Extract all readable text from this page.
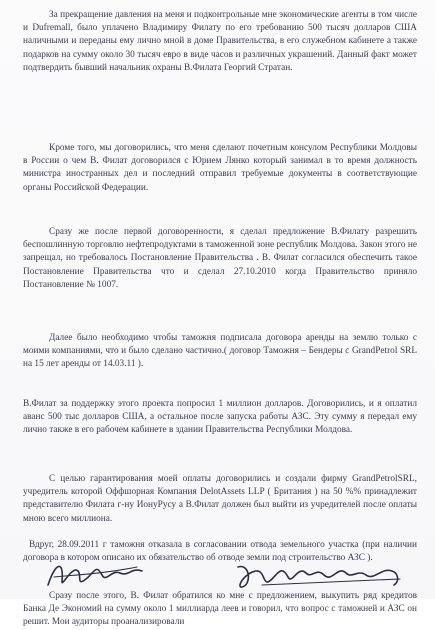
За прекращение давления на меня и подконтрольные мне экономические агенты в том числе и Dufremall, было уплачено Владимиру Филату по его требованию 500 тысяч долларов США наличными и переданы ему лично мной в доме Правительства, в его служебном кабинете а также подарков на сумму около 30 тысяч евро в виде часов и различных украшений. Данный факт может подтвердить бывший начальник охраны В.Филата Георгий Стратан.
Кроме того, мы договорились, что меня сделают почетным консулом Республики Молдовы в России о чем В. Филат договорился с Юрием Лянко который занимал в то время должность министра иностранных дел и последний отправил требуемые документы в соответствующие органы Российской Федерации.
Сразу же после первой договоренности, я сделал предложение В.Филату разрешить беспошлинную торговлю нефтепродуктами в таможенной зоне республик Молдова. Закон этого не запрещал, но требовалось Постановление Правительства . В. Филат согласился обеспечить такое Постановление Правительства что и сделал 27.10.2010 когда Правительство приняло Постановление № 1007.
Далее было необходимо чтобы таможня подписала договора аренды на землю только с моими компаниями, что и было сделано частично.( договор Таможня – Бендеры с GrandPetrol SRL на 15 лет аренды от 14.03.11 ).
В.Филат за поддержку этого проекта попросил 1 миллион долларов. Договорились, и я оплатил аванс 500 тыс долларов США, а остальное после запуска работы АЗС. Эту сумму я передал ему лично также в его рабочем кабинете в здании Правительства Республики Молдова.
С целью гарантирования моей оплаты договорились и создали фирму GrandPetrolSRL, учредитель которой Оффшорная Компания DelotAssets LLP ( Британия ) на 50 %% принадлежит представителю Филата г-ну ИонуРусу а В.Филат должен был выйти из учредителей после оплаты мною всего миллиона.
Вдруг, 28.09.2011 г таможня отказала в согласовании отвода земельного участка (при наличии договора в котором описано их обязательство об отводе земли под строительство АЗС ).
Сразу после этого, В. Филат обратился ко мне с предложением, выкупить ряд кредитов Банка Де Экономий на сумму около 1 миллиарда леев и говорил, что вопрос с таможней и АЗС он решит. Мои аудиторы проанализировали
